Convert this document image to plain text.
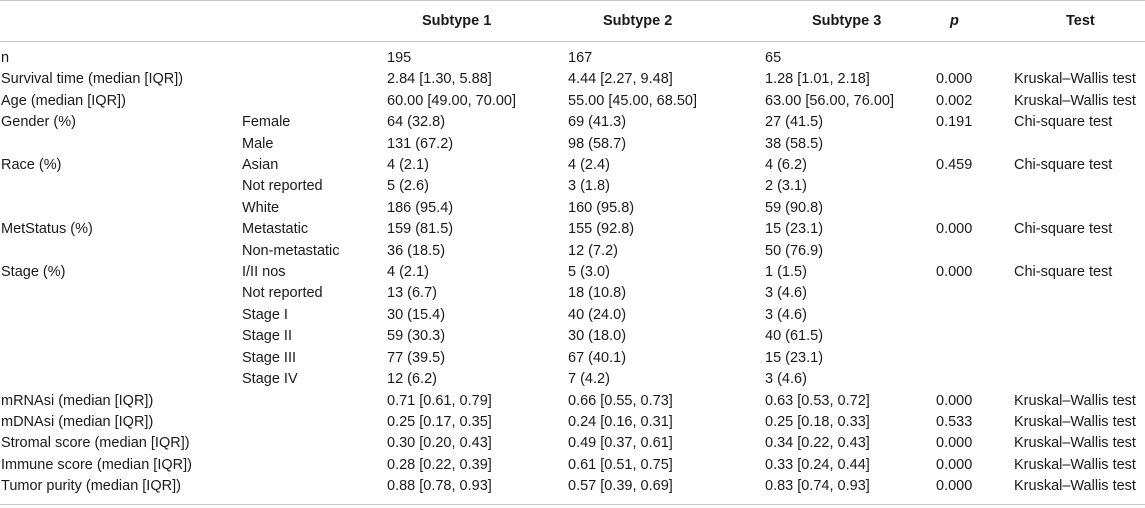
		Subtype 1	Subtype 2	Subtype 3	p	Test
n		195	167	65		
Survival time (median [IQR])		2.84 [1.30, 5.88]	4.44 [2.27, 9.48]	1.28 [1.01, 2.18]	0.000	Kruskal–Wallis test
Age (median [IQR])		60.00 [49.00, 70.00]	55.00 [45.00, 68.50]	63.00 [56.00, 76.00]	0.002	Kruskal–Wallis test
Gender (%)	Female	64 (32.8)	69 (41.3)	27 (41.5)	0.191	Chi-square test
	Male	131 (67.2)	98 (58.7)	38 (58.5)		
Race (%)	Asian	4 (2.1)	4 (2.4)	4 (6.2)	0.459	Chi-square test
	Not reported	5 (2.6)	3 (1.8)	2 (3.1)		
	White	186 (95.4)	160 (95.8)	59 (90.8)		
MetStatus (%)	Metastatic	159 (81.5)	155 (92.8)	15 (23.1)	0.000	Chi-square test
	Non-metastatic	36 (18.5)	12 (7.2)	50 (76.9)		
Stage (%)	I/II nos	4 (2.1)	5 (3.0)	1 (1.5)	0.000	Chi-square test
	Not reported	13 (6.7)	18 (10.8)	3 (4.6)		
	Stage I	30 (15.4)	40 (24.0)	3 (4.6)		
	Stage II	59 (30.3)	30 (18.0)	40 (61.5)		
	Stage III	77 (39.5)	67 (40.1)	15 (23.1)		
	Stage IV	12 (6.2)	7 (4.2)	3 (4.6)		
mRNAsi (median [IQR])		0.71 [0.61, 0.79]	0.66 [0.55, 0.73]	0.63 [0.53, 0.72]	0.000	Kruskal–Wallis test
mDNAsi (median [IQR])		0.25 [0.17, 0.35]	0.24 [0.16, 0.31]	0.25 [0.18, 0.33]	0.533	Kruskal–Wallis test
Stromal score (median [IQR])		0.30 [0.20, 0.43]	0.49 [0.37, 0.61]	0.34 [0.22, 0.43]	0.000	Kruskal–Wallis test
Immune score (median [IQR])		0.28 [0.22, 0.39]	0.61 [0.51, 0.75]	0.33 [0.24, 0.44]	0.000	Kruskal–Wallis test
Tumor purity (median [IQR])		0.88 [0.78, 0.93]	0.57 [0.39, 0.69]	0.83 [0.74, 0.93]	0.000	Kruskal–Wallis test
